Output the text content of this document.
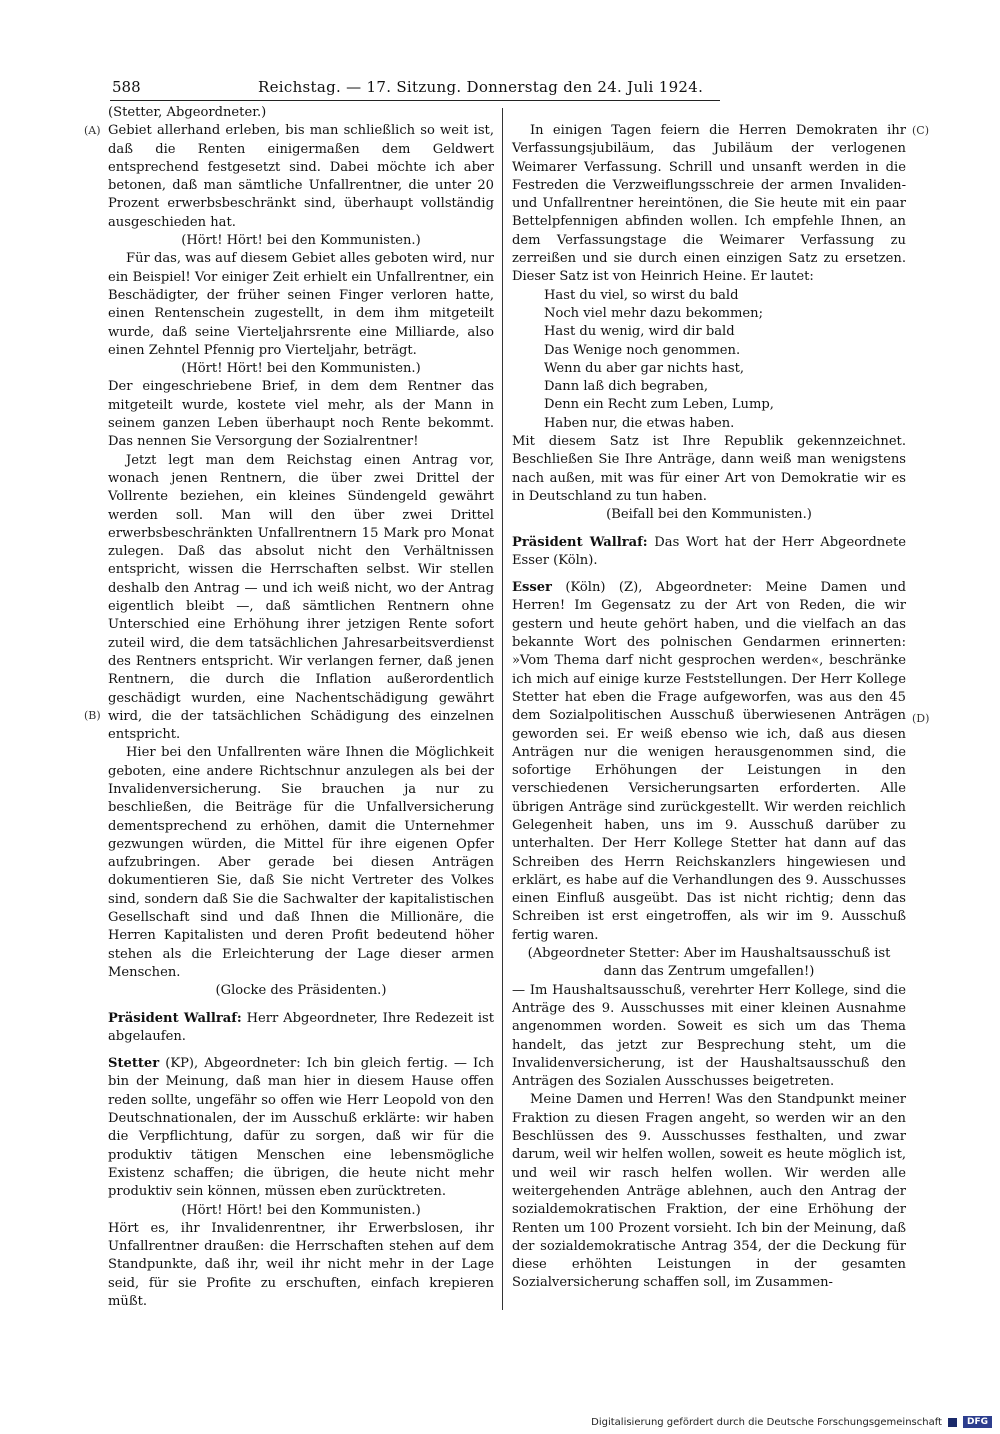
588	Reichstag. — 17. Sitzung. Donnerstag den 24. Juli 1924.
(A)
(B)
(C)
(D)

(Stetter, Abgeordneter.)

Gebiet allerhand erleben, bis man schließlich so weit ist, daß die Renten einigermaßen dem Geldwert entsprechend festgesetzt sind. Dabei möchte ich aber betonen, daß man sämtliche Unfallrentner, die unter 20 Prozent erwerbsbeschränkt sind, überhaupt vollständig ausgeschieden hat.

(Hört! Hört! bei den Kommunisten.)

Für das, was auf diesem Gebiet alles geboten wird, nur ein Beispiel! Vor einiger Zeit erhielt ein Unfallrentner, ein Beschädigter, der früher seinen Finger verloren hatte, einen Rentenschein zugestellt, in dem ihm mitgeteilt wurde, daß seine Vierteljahrsrente eine Milliarde, also einen Zehntel Pfennig pro Vierteljahr, beträgt.

(Hört! Hört! bei den Kommunisten.)

Der eingeschriebene Brief, in dem dem Rentner das mitgeteilt wurde, kostete viel mehr, als der Mann in seinem ganzen Leben überhaupt noch Rente bekommt. Das nennen Sie Versorgung der Sozialrentner!

Jetzt legt man dem Reichstag einen Antrag vor, wonach jenen Rentnern, die über zwei Drittel der Vollrente beziehen, ein kleines Sündengeld gewährt werden soll. Man will den über zwei Drittel erwerbsbeschränkten Unfallrentnern 15 Mark pro Monat zulegen. Daß das absolut nicht den Verhältnissen entspricht, wissen die Herrschaften selbst. Wir stellen deshalb den Antrag — und ich weiß nicht, wo der Antrag eigentlich bleibt —, daß sämtlichen Rentnern ohne Unterschied eine Erhöhung ihrer jetzigen Rente sofort zuteil wird, die dem tatsächlichen Jahresarbeitsverdienst des Rentners entspricht. Wir verlangen ferner, daß jenen Rentnern, die durch die Inflation außerordentlich geschädigt wurden, eine Nachentschädigung gewährt wird, die der tatsächlichen Schädigung des einzelnen entspricht.

Hier bei den Unfallrenten wäre Ihnen die Möglichkeit geboten, eine andere Richtschnur anzulegen als bei der Invalidenversicherung. Sie brauchen ja nur zu beschließen, die Beiträge für die Unfallversicherung dementsprechend zu erhöhen, damit die Unternehmer gezwungen würden, die Mittel für ihre eigenen Opfer aufzubringen. Aber gerade bei diesen Anträgen dokumentieren Sie, daß Sie nicht Vertreter des Volkes sind, sondern daß Sie die Sachwalter der kapitalistischen Gesellschaft sind und daß Ihnen die Millionäre, die Herren Kapitalisten und deren Profit bedeutend höher stehen als die Erleichterung der Lage dieser armen Menschen.

(Glocke des Präsidenten.)

Präsident Wallraf: Herr Abgeordneter, Ihre Redezeit ist abgelaufen.

Stetter (KP), Abgeordneter: Ich bin gleich fertig. — Ich bin der Meinung, daß man hier in diesem Hause offen reden sollte, ungefähr so offen wie Herr Leopold von den Deutschnationalen, der im Ausschuß erklärte: wir haben die Verpflichtung, dafür zu sorgen, daß wir für die produktiv tätigen Menschen eine lebensmögliche Existenz schaffen; die übrigen, die heute nicht mehr produktiv sein können, müssen eben zurücktreten.

(Hört! Hört! bei den Kommunisten.)

Hört es, ihr Invalidenrentner, ihr Erwerbslosen, ihr Unfallrentner draußen: die Herrschaften stehen auf dem Standpunkte, daß ihr, weil ihr nicht mehr in der Lage seid, für sie Profite zu erschuften, einfach krepieren müßt.

In einigen Tagen feiern die Herren Demokraten ihr Verfassungsjubiläum, das Jubiläum der verlogenen Weimarer Verfassung. Schrill und unsanft werden in die Festreden die Verzweiflungsschreie der armen Invaliden- und Unfallrentner hereintönen, die Sie heute mit ein paar Bettelpfennigen abfinden wollen. Ich empfehle Ihnen, an dem Verfassungstage die Weimarer Verfassung zu zerreißen und sie durch einen einzigen Satz zu ersetzen. Dieser Satz ist von Heinrich Heine. Er lautet:

Hast du viel, so wirst du bald

Noch viel mehr dazu bekommen;

Hast du wenig, wird dir bald

Das Wenige noch genommen.

Wenn du aber gar nichts hast,

Dann laß dich begraben,

Denn ein Recht zum Leben, Lump,

Haben nur, die etwas haben.

Mit diesem Satz ist Ihre Republik gekennzeichnet. Beschließen Sie Ihre Anträge, dann weiß man wenigstens nach außen, mit was für einer Art von Demokratie wir es in Deutschland zu tun haben.

(Beifall bei den Kommunisten.)

Präsident Wallraf: Das Wort hat der Herr Abgeordnete Esser (Köln).

Esser (Köln) (Z), Abgeordneter: Meine Damen und Herren! Im Gegensatz zu der Art von Reden, die wir gestern und heute gehört haben, und die vielfach an das bekannte Wort des polnischen Gendarmen erinnerten: »Vom Thema darf nicht gesprochen werden«, beschränke ich mich auf einige kurze Feststellungen. Der Herr Kollege Stetter hat eben die Frage aufgeworfen, was aus den 45 dem Sozialpolitischen Ausschuß überwiesenen Anträgen geworden sei. Er weiß ebenso wie ich, daß aus diesen Anträgen nur die wenigen herausgenommen sind, die sofortige Erhöhungen der Leistungen in den verschiedenen Versicherungsarten erforderten. Alle übrigen Anträge sind zurückgestellt. Wir werden reichlich Gelegenheit haben, uns im 9. Ausschuß darüber zu unterhalten. Der Herr Kollege Stetter hat dann auf das Schreiben des Herrn Reichskanzlers hingewiesen und erklärt, es habe auf die Verhandlungen des 9. Ausschusses einen Einfluß ausgeübt. Das ist nicht richtig; denn das Schreiben ist erst eingetroffen, als wir im 9. Ausschuß fertig waren.

(Abgeordneter Stetter: Aber im Haushaltsausschuß ist dann das Zentrum umgefallen!)

— Im Haushaltsausschuß, verehrter Herr Kollege, sind die Anträge des 9. Ausschusses mit einer kleinen Ausnahme angenommen worden. Soweit es sich um das Thema handelt, das jetzt zur Besprechung steht, um die Invalidenversicherung, ist der Haushaltsausschuß den Anträgen des Sozialen Ausschusses beigetreten.

Meine Damen und Herren! Was den Standpunkt meiner Fraktion zu diesen Fragen angeht, so werden wir an den Beschlüssen des 9. Ausschusses festhalten, und zwar darum, weil wir helfen wollen, soweit es heute möglich ist, und weil wir rasch helfen wollen. Wir werden alle weitergehenden Anträge ablehnen, auch den Antrag der sozialdemokratischen Fraktion, der eine Erhöhung der Renten um 100 Prozent vorsieht. Ich bin der Meinung, daß der sozialdemokratische Antrag 354, der die Deckung für diese erhöhten Leistungen in der gesamten Sozialversicherung schaffen soll, im Zusammen-

Digitalisierung gefördert durch die Deutsche Forschungsgemeinschaft	DFG
